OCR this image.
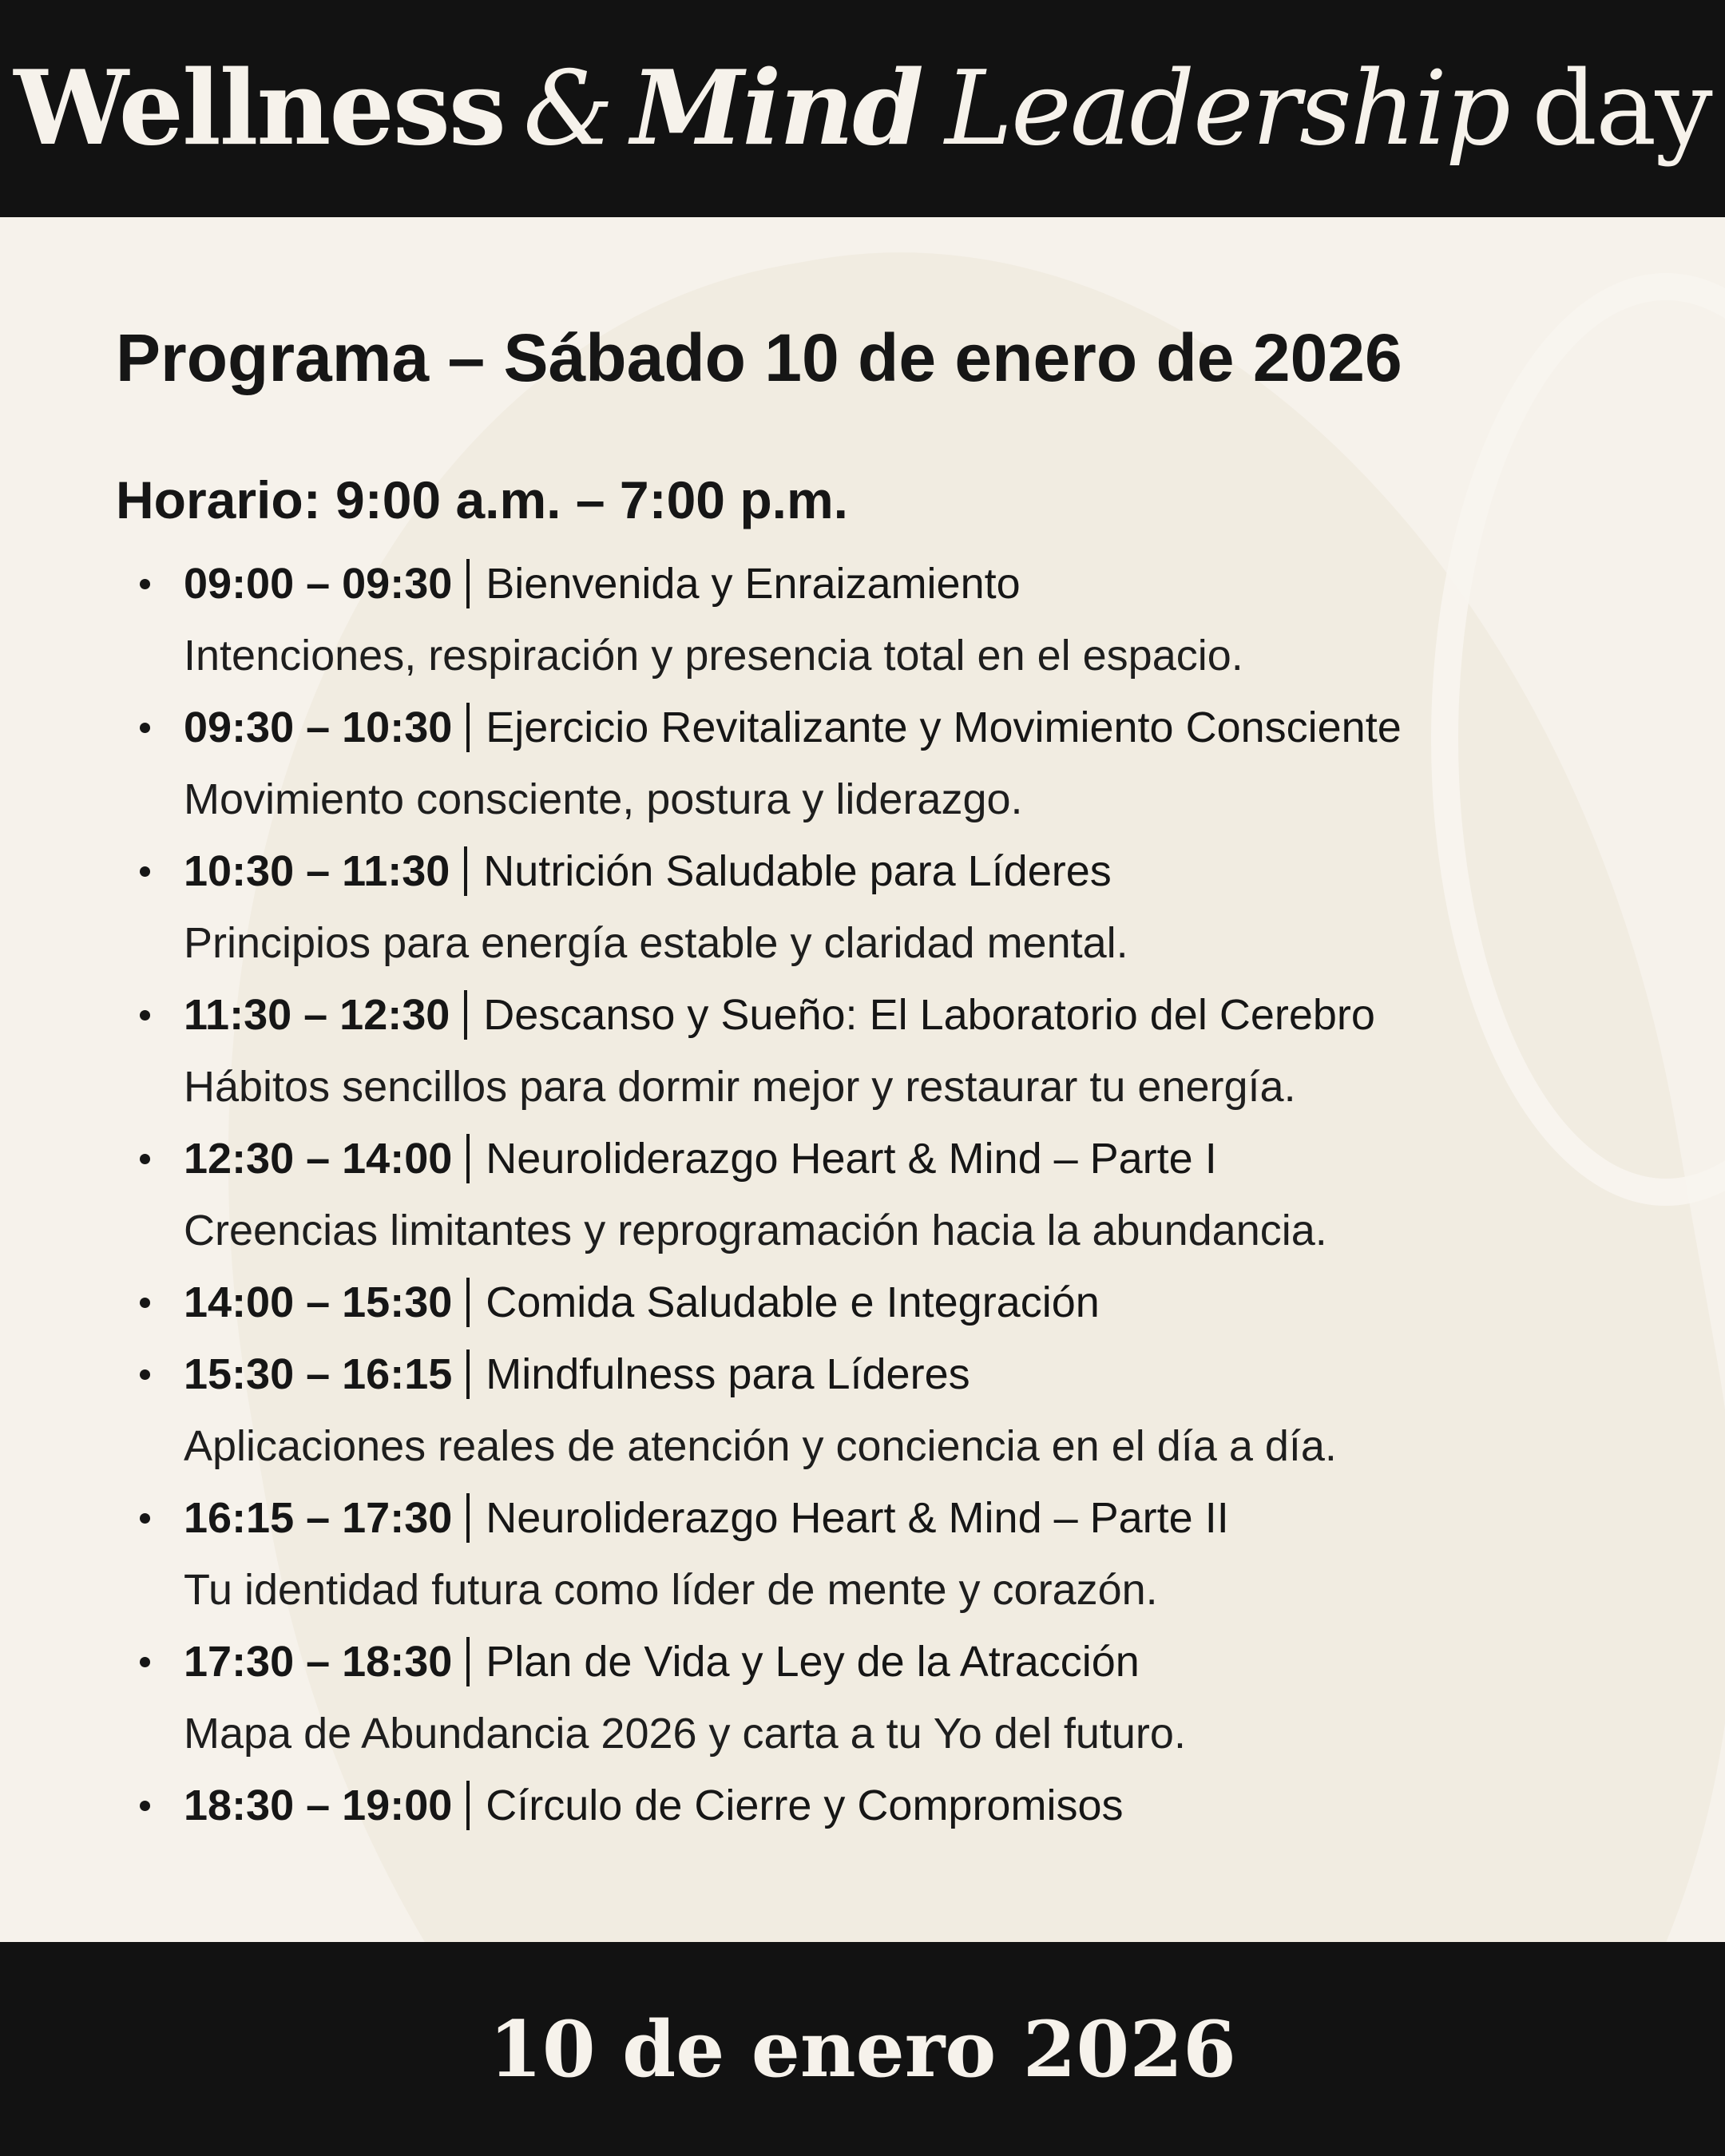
Wellness & Mind Leadership day
Programa – Sábado 10 de enero de 2026
Horario: 9:00 a.m. – 7:00 p.m.
09:00 – 09:30 Bienvenida y Enraizamiento
Intenciones, respiración y presencia total en el espacio.
09:30 – 10:30 Ejercicio Revitalizante y Movimiento Consciente
Movimiento consciente, postura y liderazgo.
10:30 – 11:30 Nutrición Saludable para Líderes
Principios para energía estable y claridad mental.
11:30 – 12:30 Descanso y Sueño: El Laboratorio del Cerebro
Hábitos sencillos para dormir mejor y restaurar tu energía.
12:30 – 14:00 Neuroliderazgo Heart & Mind – Parte I
Creencias limitantes y reprogramación hacia la abundancia.
14:00 – 15:30 Comida Saludable e Integración
15:30 – 16:15 Mindfulness para Líderes
Aplicaciones reales de atención y conciencia en el día a día.
16:15 – 17:30 Neuroliderazgo Heart & Mind – Parte II
Tu identidad futura como líder de mente y corazón.
17:30 – 18:30 Plan de Vida y Ley de la Atracción
Mapa de Abundancia 2026 y carta a tu Yo del futuro.
18:30 – 19:00 Círculo de Cierre y Compromisos
10 de enero 2026
